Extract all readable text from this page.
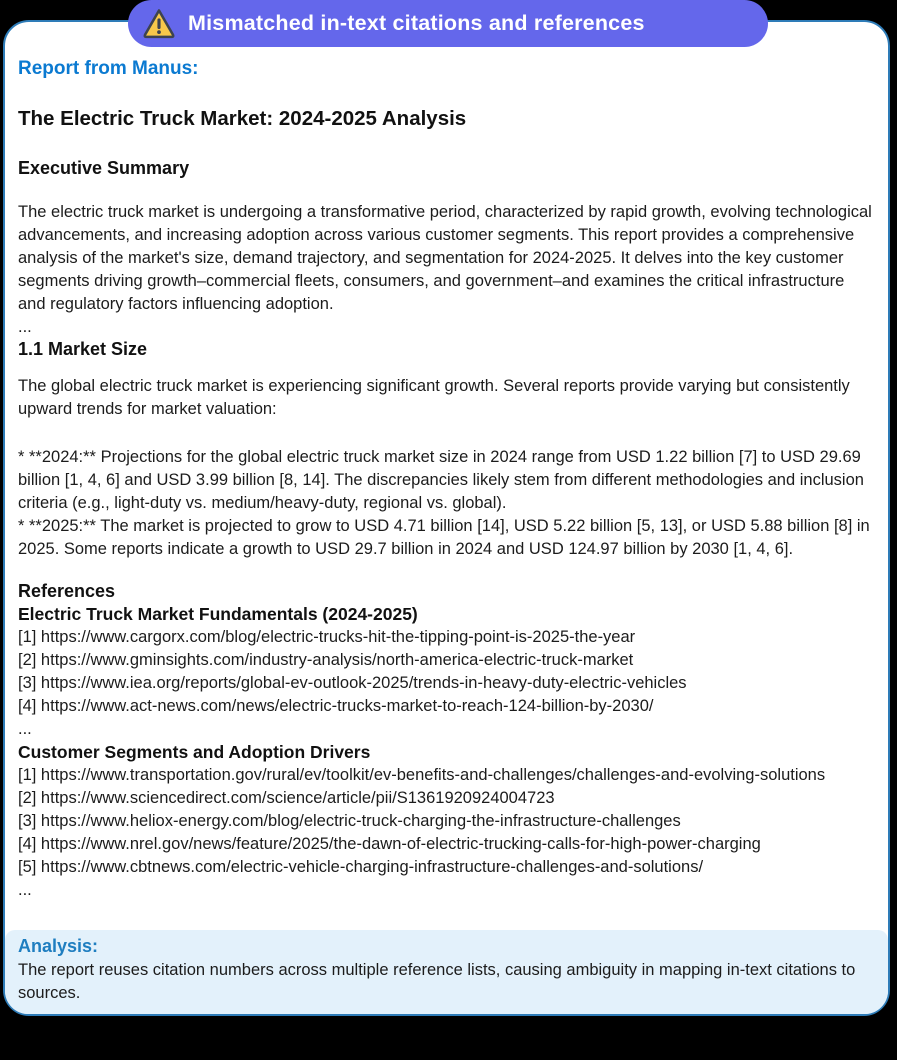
Mismatched in-text citations and references
Report from Manus:
The Electric Truck Market: 2024-2025 Analysis
Executive Summary

The electric truck market is undergoing a transformative period, characterized by rapid growth, evolving technological advancements, and increasing adoption across various customer segments. This report provides a comprehensive analysis of the market's size, demand trajectory, and segmentation for 2024-2025. It delves into the key customer segments driving growth–commercial fleets, consumers, and government–and examines the critical infrastructure and regulatory factors influencing adoption.

...
1.1 Market Size

The global electric truck market is experiencing significant growth. Several reports provide varying but consistently upward trends for market valuation:

* **2024:** Projections for the global electric truck market size in 2024 range from USD 1.22 billion [7] to USD 29.69 billion [1, 4, 6] and USD 3.99 billion [8, 14]. The discrepancies likely stem from different methodologies and inclusion criteria (e.g., light-duty vs. medium/heavy-duty, regional vs. global).

* **2025:** The market is projected to grow to USD 4.71 billion [14], USD 5.22 billion [5, 13], or USD 5.88 billion [8] in 2025. Some reports indicate a growth to USD 29.7 billion in 2024 and USD 124.97 billion by 2030 [1, 4, 6].

References
Electric Truck Market Fundamentals (2024-2025)
[1] https://www.cargorx.com/blog/electric-trucks-hit-the-tipping-point-is-2025-the-year
[2] https://www.gminsights.com/industry-analysis/north-america-electric-truck-market
[3] https://www.iea.org/reports/global-ev-outlook-2025/trends-in-heavy-duty-electric-vehicles
[4] https://www.act-news.com/news/electric-trucks-market-to-reach-124-billion-by-2030/
...
Customer Segments and Adoption Drivers
[1] https://www.transportation.gov/rural/ev/toolkit/ev-benefits-and-challenges/challenges-and-evolving-solutions
[2] https://www.sciencedirect.com/science/article/pii/S1361920924004723
[3] https://www.heliox-energy.com/blog/electric-truck-charging-the-infrastructure-challenges
[4] https://www.nrel.gov/news/feature/2025/the-dawn-of-electric-trucking-calls-for-high-power-charging
[5] https://www.cbtnews.com/electric-vehicle-charging-infrastructure-challenges-and-solutions/
...
Analysis:

The report reuses citation numbers across multiple reference lists, causing ambiguity in mapping in-text citations to sources.
